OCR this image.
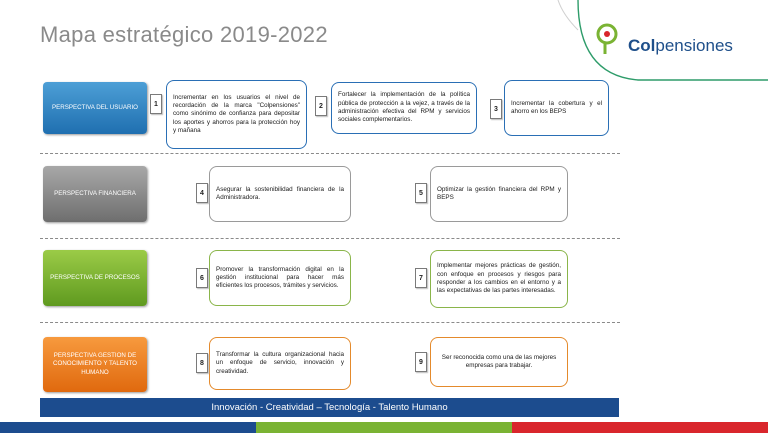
Mapa estratégico 2019-2022	Colpensiones
PERSPECTIVA DEL USUARIO
PERSPECTIVA FINANCIERA
PERSPECTIVA DE PROCESOS
PERSPECTIVA GESTION DE CONOCIMIENTO Y TALENTO HUMANO
1
Incrementar en los usuarios el nivel de recordación de la marca "Colpensiones" como sinónimo de confianza para depositar los aportes y ahorros para la protección hoy y mañana
2
Fortalecer la implementación de la política pública de protección a la vejez, a través de la administración efectiva del RPM y servicios sociales complementarios.
3
Incrementar la cobertura y el ahorro en los BEPS
4
Asegurar la sostenibilidad financiera de la Administradora.
5
Optimizar la gestión financiera del RPM y BEPS
6
Promover la transformación digital en la gestión institucional para hacer más eficientes los procesos, trámites y servicios.
7
Implementar mejores prácticas de gestión, con enfoque en procesos y riesgos para responder a los cambios en el entorno y a las expectativas de las partes interesadas.
8
Transformar la cultura organizacional hacia un enfoque de servicio, innovación y creatividad.
9
Ser reconocida como una de las mejores empresas para trabajar.
Innovación - Creatividad – Tecnología - Talento Humano
